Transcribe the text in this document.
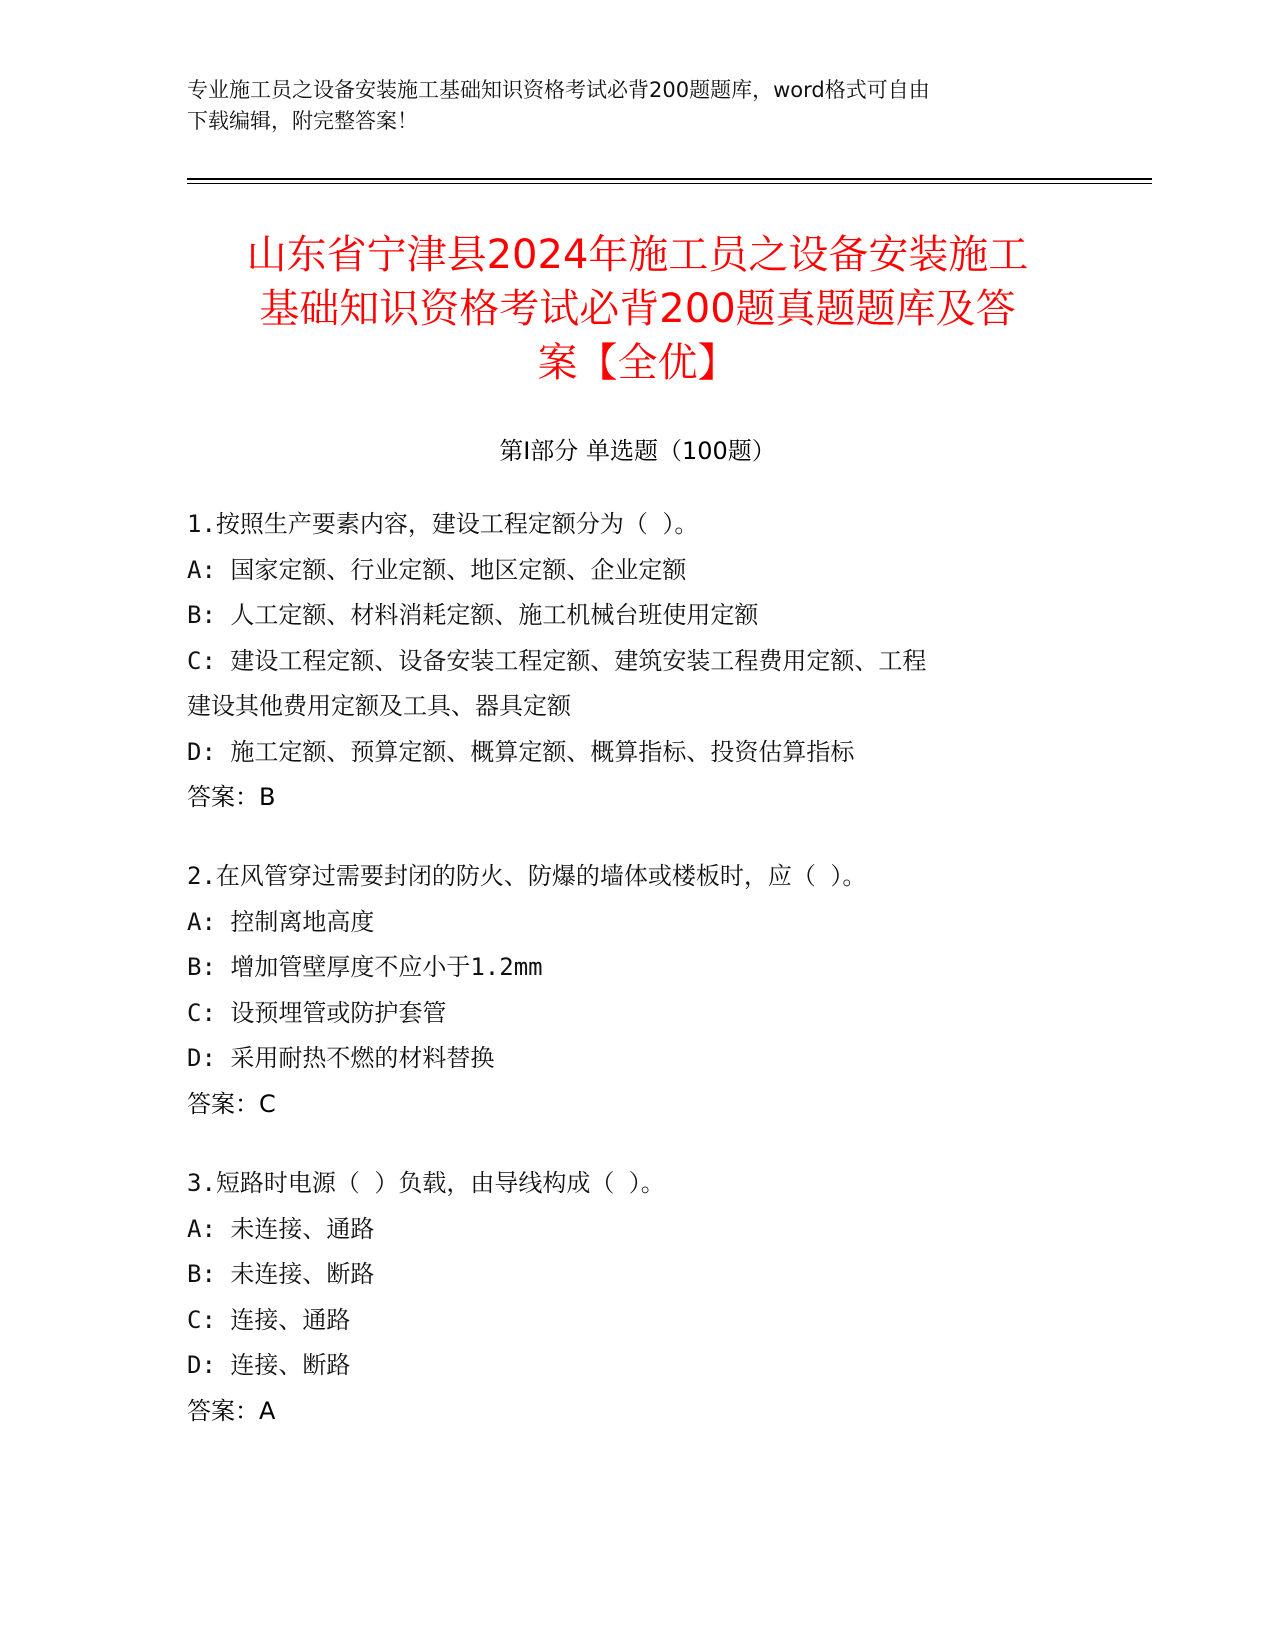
专业施工员之设备安装施工基础知识资格考试必背200题题库，word格式可自由
下载编辑，附完整答案！
山东省宁津县2024年施工员之设备安装施工
基础知识资格考试必背200题真题题库及答
案【全优】
第Ⅰ部分 单选题（100题）
1.按照生产要素内容，建设工程定额分为（ ）。
A: 国家定额、行业定额、地区定额、企业定额
B: 人工定额、材料消耗定额、施工机械台班使用定额
C: 建设工程定额、设备安装工程定额、建筑安装工程费用定额、工程
建设其他费用定额及工具、器具定额
D: 施工定额、预算定额、概算定额、概算指标、投资估算指标
答案：B
2.在风管穿过需要封闭的防火、防爆的墙体或楼板时，应（ ）。
A: 控制离地高度
B: 增加管壁厚度不应小于1.2mm
C: 设预埋管或防护套管
D: 采用耐热不燃的材料替换
答案：C
3.短路时电源（ ）负载，由导线构成（ ）。
A: 未连接、通路
B: 未连接、断路
C: 连接、通路
D: 连接、断路
答案：A
